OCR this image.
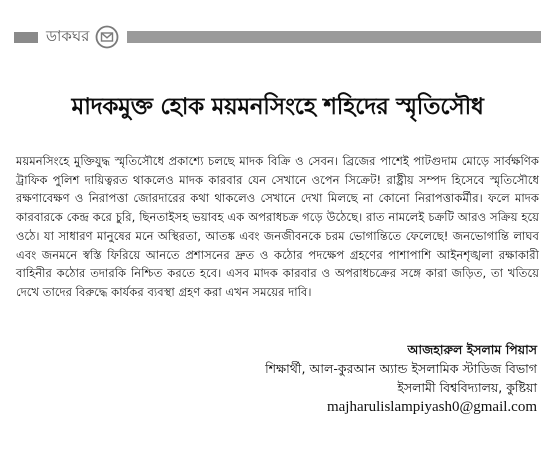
ডাকঘর
মাদকমুক্ত হোক ময়মনসিংহে শহিদের স্মৃতিসৌধ

ময়মনসিংহে মুক্তিযুদ্ধ স্মৃতিসৌধে প্রকাশ্যে চলছে মাদক বিক্রি ও সেবন। ব্রিজের পাশেই পাটগুদাম মোড়ে সার্বক্ষণিক ট্রাফিক পুলিশ দায়িত্বরত থাকলেও মাদক কারবার যেন সেখানে ওপেন সিক্রেট! রাষ্ট্রীয় সম্পদ হিসেবে স্মৃতিসৌধে রক্ষণাবেক্ষণ ও নিরাপত্তা জোরদারের কথা থাকলেও সেখানে দেখা মিলছে না কোনো নিরাপত্তাকর্মীর। ফলে মাদক কারবারকে কেন্দ্র করে চুরি, ছিনতাইসহ ভয়াবহ এক অপরাধচক্র গড়ে উঠেছে। রাত নামলেই চক্রটি আরও সক্রিয় হয়ে ওঠে। যা সাধারণ মানুষের মনে অস্থিরতা, আতঙ্ক এবং জনজীবনকে চরম ভোগান্তিতে ফেলেছে! জনভোগান্তি লাঘব এবং জনমনে স্বস্তি ফিরিয়ে আনতে প্রশাসনের দ্রুত ও কঠোর পদক্ষেপ গ্রহণের পাশাপাশি আইনশৃঙ্খলা রক্ষাকারী বাহিনীর কঠোর তদারকি নিশ্চিত করতে হবে। এসব মাদক কারবার ও অপরাধচক্রের সঙ্গে কারা জড়িত, তা খতিয়ে দেখে তাদের বিরুদ্ধে কার্যকর ব্যবস্থা গ্রহণ করা এখন সময়ের দাবি।

আজহারুল ইসলাম পিয়াস
শিক্ষার্থী, আল-কুরআন অ্যান্ড ইসলামিক স্টাডিজ বিভাগ
ইসলামী বিশ্ববিদ্যালয়, কুষ্টিয়া
majharulislampiyash0@gmail.com
